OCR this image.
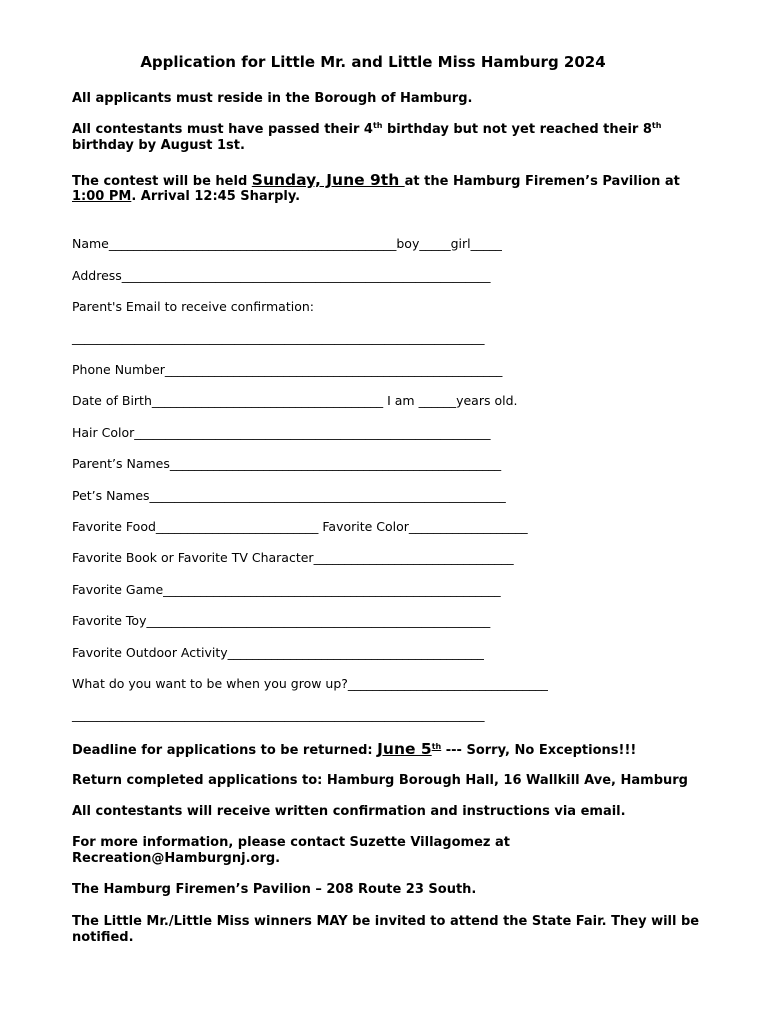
Application for Little Mr. and Little Miss Hamburg 2024
All applicants must reside in the Borough of Hamburg.
All contestants must have passed their 4th birthday but not yet reached their 8th
birthday by August 1st.
The contest will be held Sunday, June 9th at the Hamburg Firemen’s Pavilion at
1:00 PM. Arrival 12:45 Sharply.
Name______________________________________________boy_____girl_____
Address___________________________________________________________
Parent's Email to receive confirmation:
__________________________________________________________________
Phone Number______________________________________________________
Date of Birth_____________________________________ I am ______years old.
Hair Color_________________________________________________________
Parent’s Names_____________________________________________________
Pet’s Names_________________________________________________________
Favorite Food__________________________ Favorite Color___________________
Favorite Book or Favorite TV Character________________________________
Favorite Game______________________________________________________
Favorite Toy_______________________________________________________
Favorite Outdoor Activity_________________________________________
What do you want to be when you grow up?________________________________
__________________________________________________________________
Deadline for applications to be returned: June 5th --- Sorry, No Exceptions!!!
Return completed applications to: Hamburg Borough Hall, 16 Wallkill Ave, Hamburg
All contestants will receive written confirmation and instructions via email.
For more information, please contact Suzette Villagomez at
Recreation@Hamburgnj.org.
The Hamburg Firemen’s Pavilion – 208 Route 23 South.
The Little Mr./Little Miss winners MAY be invited to attend the State Fair. They will be
notified.
